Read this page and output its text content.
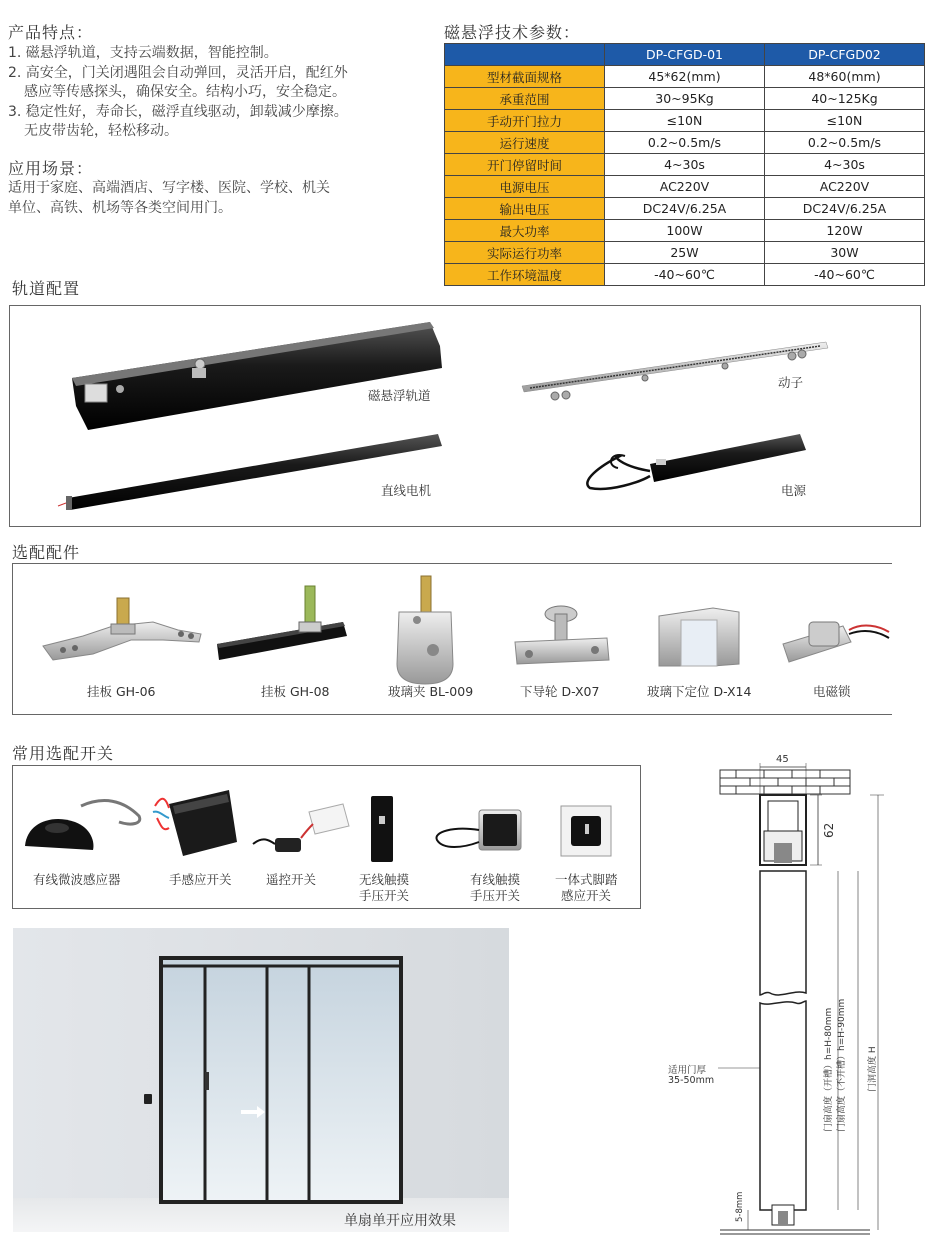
产品特点：
1. 磁悬浮轨道，支持云端数据，智能控制。
2. 高安全，门关闭遇阻会自动弹回，灵活开启，配红外
感应等传感探头，确保安全。结构小巧，安全稳定。
3. 稳定性好，寿命长，磁浮直线驱动，卸载减少摩擦。
无皮带齿轮，轻松移动。
应用场景：
适用于家庭、高端酒店、写字楼、医院、学校、机关
单位、高铁、机场等各类空间用门。
磁悬浮技术参数：
	DP-CFGD-01	DP-CFGD02
型材截面规格	45*62(mm)	48*60(mm)
承重范围	30~95Kg	40~125Kg
手动开门拉力	≤10N	≤10N
运行速度	0.2~0.5m/s	0.2~0.5m/s
开门停留时间	4~30s	4~30s
电源电压	AC220V	AC220V
输出电压	DC24V/6.25A	DC24V/6.25A
最大功率	100W	120W
实际运行功率	25W	30W
工作环境温度	-40~60℃	-40~60℃
轨道配置
磁悬浮轨道
动子
直线电机	电源
选配配件
挂板 GH-06	挂板 GH-08	玻璃夹 BL-009	下导轮 D-X07	玻璃下定位 D-X14	电磁锁
常用选配开关
有线微波感应器	手感应开关	遥控开关	无线触摸
手压开关
有线触摸
手压开关
一体式脚踏
感应开关
单扇单开应用效果
45
62
适用门厚
35-50mm	门扇高度（开槽）h=H-80mm 门扇高度（不开槽）h=H-90mm	门洞高度 H
5-8mm
